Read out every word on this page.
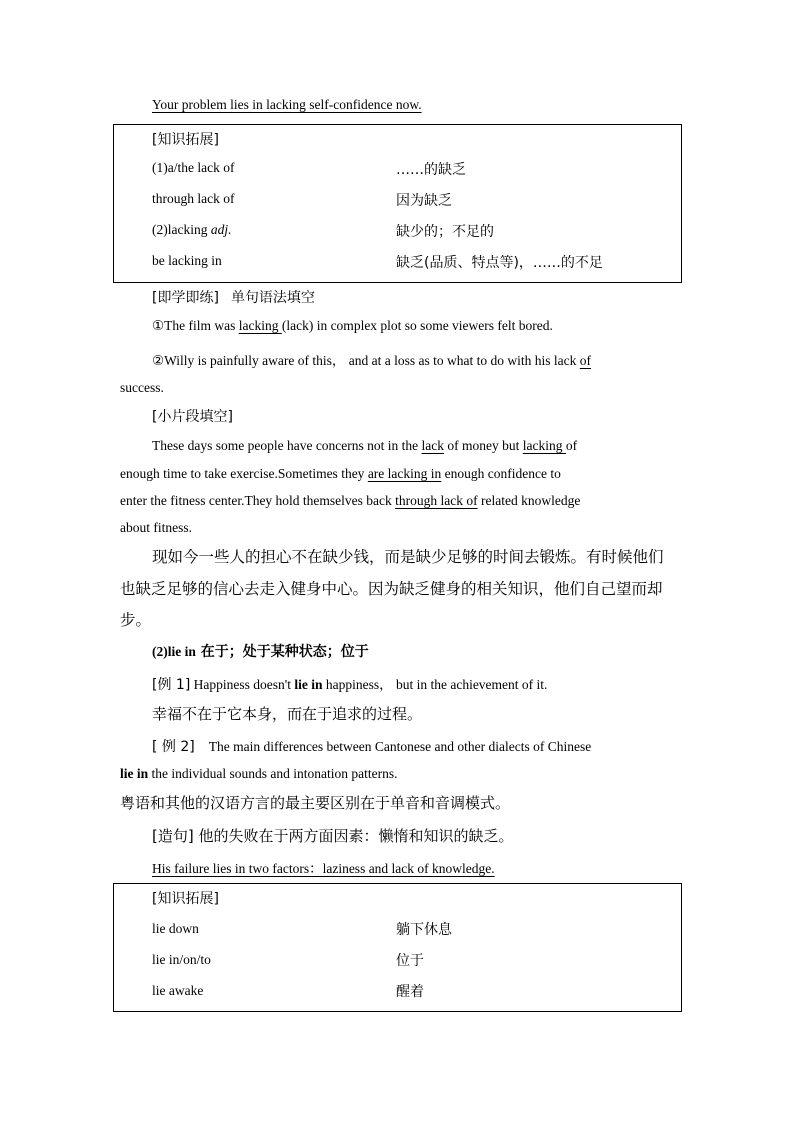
Your problem lies in lacking self-confidence now.
[知识拓展]
(1)a/the lack of	……的缺乏
through lack of	因为缺乏
(2)lacking adj.	缺少的；不足的
be lacking in	缺乏(品质、特点等)，……的不足
[即学即练] 单句语法填空
①The film was lacking (lack) in complex plot so some viewers felt bored.
②Willy is painfully aware of this， and at a loss as to what to do with his lack of
success.
[小片段填空]
These days some people have concerns not in the lack of money but lacking of
enough time to take exercise.Sometimes they are lacking in enough confidence to
enter the fitness center.They hold themselves back through lack of related knowledge
about fitness.
现如今一些人的担心不在缺少钱，而是缺少足够的时间去锻炼。有时候他们
也缺乏足够的信心去走入健身中心。因为缺乏健身的相关知识，他们自己望而却
步。
(2)lie in 在于；处于某种状态；位于
[例 1] Happiness doesn't lie in happiness， but in the achievement of it.
幸福不在于它本身，而在于追求的过程。
[ 例 2] The main differences between Cantonese and other dialects of Chinese
lie in the individual sounds and intonation patterns.
粤语和其他的汉语方言的最主要区别在于单音和音调模式。
[造句] 他的失败在于两方面因素：懒惰和知识的缺乏。
His failure lies in two factors：laziness and lack of knowledge.
[知识拓展]
lie down	躺下休息
lie in/on/to	位于
lie awake	醒着
